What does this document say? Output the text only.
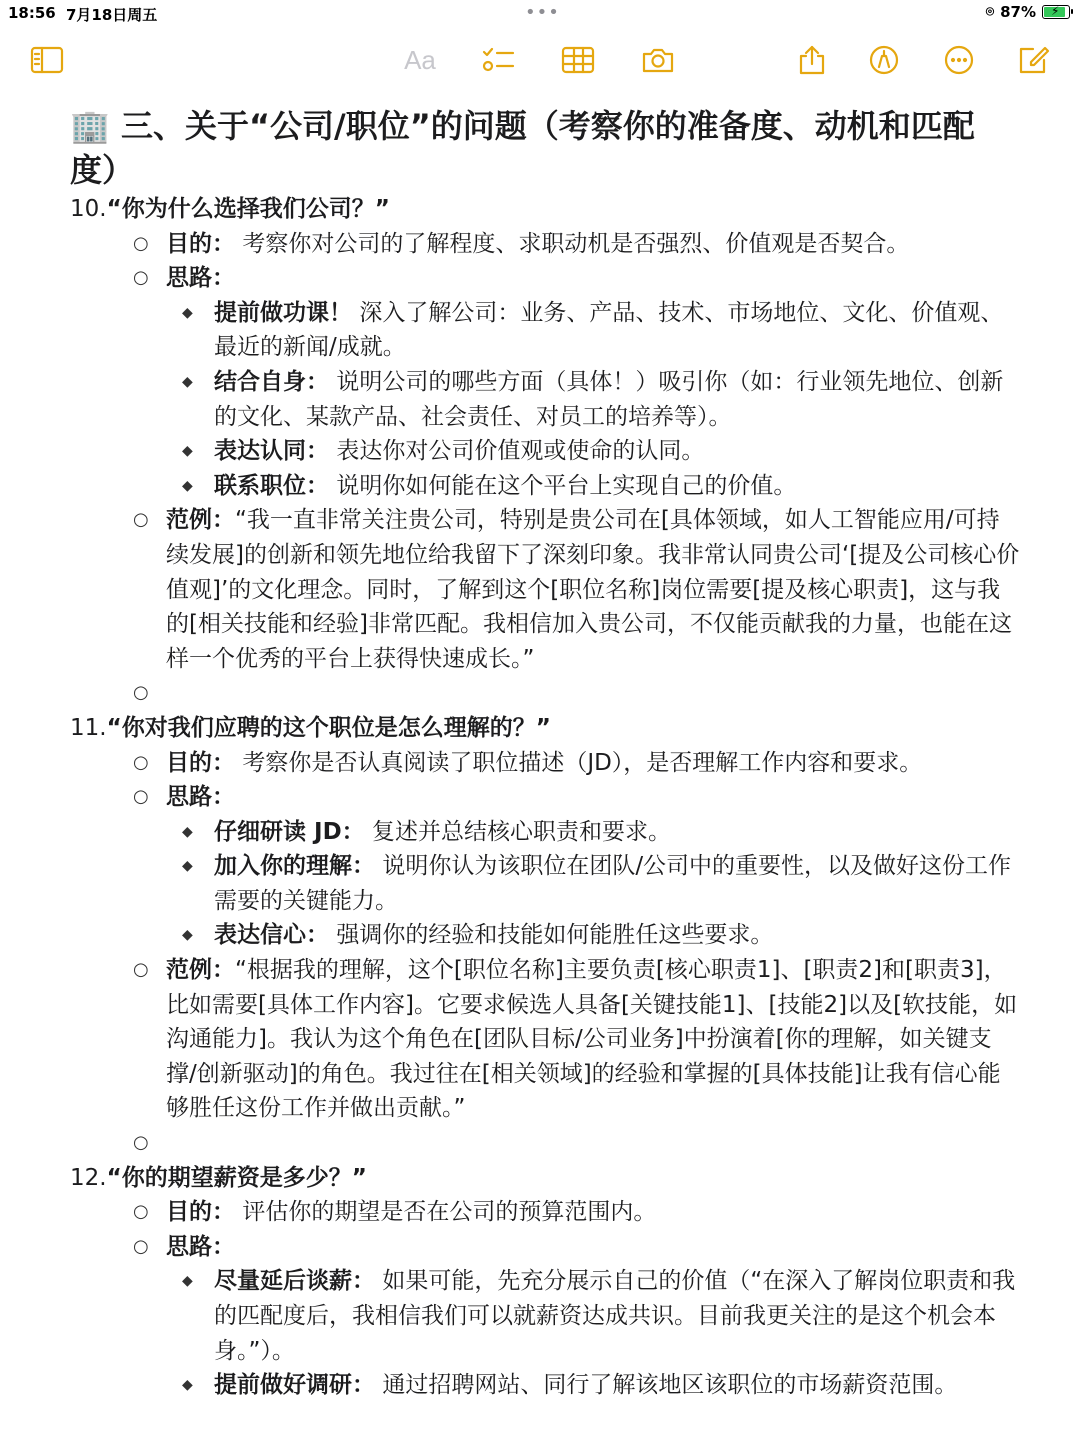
18:56 7月18日周五	•••	⌾ 87% ⚡
Aa
🏢 三、关于“公司/职位”的问题（考察你的准备度、动机和匹配度）
10.“你为什么选择我们公司？”
○ 目的： 考察你对公司的了解程度、求职动机是否强烈、价值观是否契合。
○ 思路：
◆ 提前做功课！ 深入了解公司：业务、产品、技术、市场地位、文化、价值观、最近的新闻/成就。
◆ 结合自身： 说明公司的哪些方面（具体！）吸引你（如：行业领先地位、创新的文化、某款产品、社会责任、对员工的培养等）。
◆ 表达认同： 表达你对公司价值观或使命的认同。
◆ 联系职位： 说明你如何能在这个平台上实现自己的价值。
○ 范例：“我一直非常关注贵公司，特别是贵公司在[具体领域，如人工智能应用/可持续发展]的创新和领先地位给我留下了深刻印象。我非常认同贵公司‘[提及公司核心价值观]’的文化理念。同时，了解到这个[职位名称]岗位需要[提及核心职责]，这与我的[相关技能和经验]非常匹配。我相信加入贵公司，不仅能贡献我的力量，也能在这样一个优秀的平台上获得快速成长。”
○
11.“你对我们应聘的这个职位是怎么理解的？”
○ 目的： 考察你是否认真阅读了职位描述（JD），是否理解工作内容和要求。
○ 思路：
◆ 仔细研读 JD： 复述并总结核心职责和要求。
◆ 加入你的理解： 说明你认为该职位在团队/公司中的重要性，以及做好这份工作需要的关键能力。
◆ 表达信心： 强调你的经验和技能如何能胜任这些要求。
○ 范例：“根据我的理解，这个[职位名称]主要负责[核心职责1]、[职责2]和[职责3]，比如需要[具体工作内容]。它要求候选人具备[关键技能1]、[技能2]以及[软技能，如沟通能力]。我认为这个角色在[团队目标/公司业务]中扮演着[你的理解，如关键支撑/创新驱动]的角色。我过往在[相关领域]的经验和掌握的[具体技能]让我有信心能够胜任这份工作并做出贡献。”
○
12.“你的期望薪资是多少？”
○ 目的： 评估你的期望是否在公司的预算范围内。
○ 思路：
◆ 尽量延后谈薪： 如果可能，先充分展示自己的价值（“在深入了解岗位职责和我的匹配度后，我相信我们可以就薪资达成共识。目前我更关注的是这个机会本身。”）。
◆ 提前做好调研： 通过招聘网站、同行了解该地区该职位的市场薪资范围。
